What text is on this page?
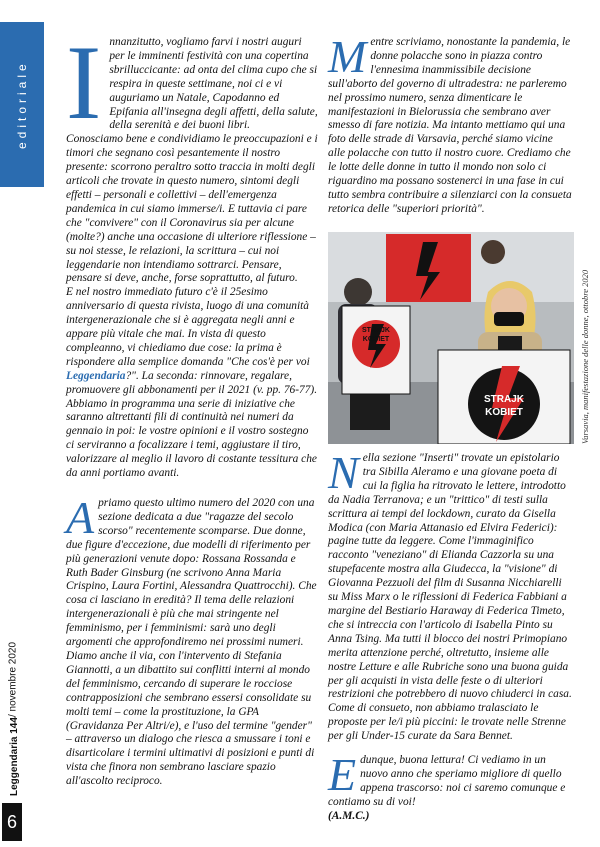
editoriale
Leggendaria 144
/ novembre 2020
6

I nnanzitutto, vogliamo farvi i nostri auguri per le imminenti festività con una copertina sbrilluccicante: ad onta del clima cupo che si respira in queste settimane, noi ci e vi auguriamo un Natale, Capodanno ed Epifania all'insegna degli affetti, della salute, della serenità e dei buoni libri.

Conosciamo bene e condividiamo le preoccupazioni e i timori che segnano così pesantemente il nostro presente: scorrono peraltro sotto traccia in molti degli articoli che trovate in questo numero, sintomi degli effetti – personali e collettivi – dell'emergenza pandemica in cui siamo immerse/i. E tuttavia ci pare che "convivere" con il Coronavirus sia per alcune (molte?) anche una occasione di ulteriore riflessione – su noi stesse, le relazioni, la scrittura – cui noi leggendarie non intendiamo sottrarci. Pensare, pensare si deve, anche, forse soprattutto, al futuro.

E nel nostro immediato futuro c'è il 25esimo anniversario di questa rivista, luogo di una comunità intergenerazionale che si è aggregata negli anni e appare più vitale che mai. In vista di questo compleanno, vi chiediamo due cose: la prima è rispondere alla semplice domanda "Che cos'è per voi Leggendaria?". La seconda: rinnovare, regalare, promuovere gli abbonamenti per il 2021 (v. pp. 76-77). Abbiamo in programma una serie di iniziative che saranno altrettanti fili di continuità nei numeri da gennaio in poi: le vostre opinioni e il vostro sostegno ci serviranno a focalizzare i temi, aggiustare il tiro, valorizzare al meglio il lavoro di costante tessitura che da anni portiamo avanti.

A priamo questo ultimo numero del 2020 con una sezione dedicata a due "ragazze del secolo scorso" recentemente scomparse. Due donne, due figure d'eccezione, due modelli di riferimento per più generazioni venute dopo: Rossana Rossanda e Ruth Bader Ginsburg (ne scrivono Anna Maria Crispino, Laura Fortini, Alessandra Quattrocchi). Che cosa ci lasciano in eredità? Il tema delle relazioni intergenerazionali è più che mai stringente nel femminismo, per i femminismi: sarà uno degli argomenti che approfondiremo nei prossimi numeri.

Diamo anche il via, con l'intervento di Stefania Giannotti, a un dibattito sui conflitti interni al mondo del femminismo, cercando di superare le rocciose contrapposizioni che sembrano essersi consolidate su molti temi – come la prostituzione, la GPA (Gravidanza Per Altri/e), e l'uso del termine "gender" – attraverso un dialogo che riesca a smussare i toni e disarticolare i termini ultimativi di posizioni e punti di vista che finora non sembrano lasciare spazio all'ascolto reciproco.

M entre scriviamo, nonostante la pandemia, le donne polacche sono in piazza contro l'ennesima inammissibile decisione sull'aborto del governo di ultradestra: ne parleremo nel prossimo numero, senza dimenticare le manifestazioni in Bielorussia che sembrano aver smesso di fare notizia. Ma intanto mettiamo qui una foto delle strade di Varsavia, perché siamo vicine alle polacche con tutto il nostro cuore. Crediamo che le lotte delle donne in tutto il mondo non solo ci riguardino ma possano sostenerci in una fase in cui tutto sembra contribuire a silenziarci con la consueta retorica delle "superiori priorità".

N ella sezione "Inserti" trovate un epistolario tra Sibilla Aleramo e una giovane poeta di cui la figlia ha ritrovato le lettere, introdotto da Nadia Terranova; e un "trittico" di testi sulla scrittura ai tempi del lockdown, curato da Gisella Modica (con Maria Attanasio ed Elvira Federici): pagine tutte da leggere. Come l'immaginifico racconto "veneziano" di Elianda Cazzorla su una stupefacente mostra alla Giudecca, la "visione" di Giovanna Pezzuoli del film di Susanna Nicchiarelli su Miss Marx o le riflessioni di Federica Fabbiani a margine del Bestiario Haraway di Federica Timeto, che si intreccia con l'articolo di Isabella Pinto su Anna Tsing. Ma tutti il blocco dei nostri Primopiano merita attenzione perché, oltretutto, insieme alle nostre Letture e alle Rubriche sono una buona guida per gli acquisti in vista delle feste o di ulteriori restrizioni che potrebbero di nuovo chiuderci in casa. Come di consueto, non abbiamo tralasciato le proposte per le/i più piccini: le trovate nelle Strenne per gli Under-15 curate da Sara Bennet.

E dunque, buona lettura! Ci vediamo in un nuovo anno che speriamo migliore di quello appena trascorso: noi ci saremo comunque e contiamo su di voi!

(A.M.C.)

STRAJK
KOBIET
STRAJK
KOBIET	Varsavia, manifestazione delle donne, ottobre 2020
